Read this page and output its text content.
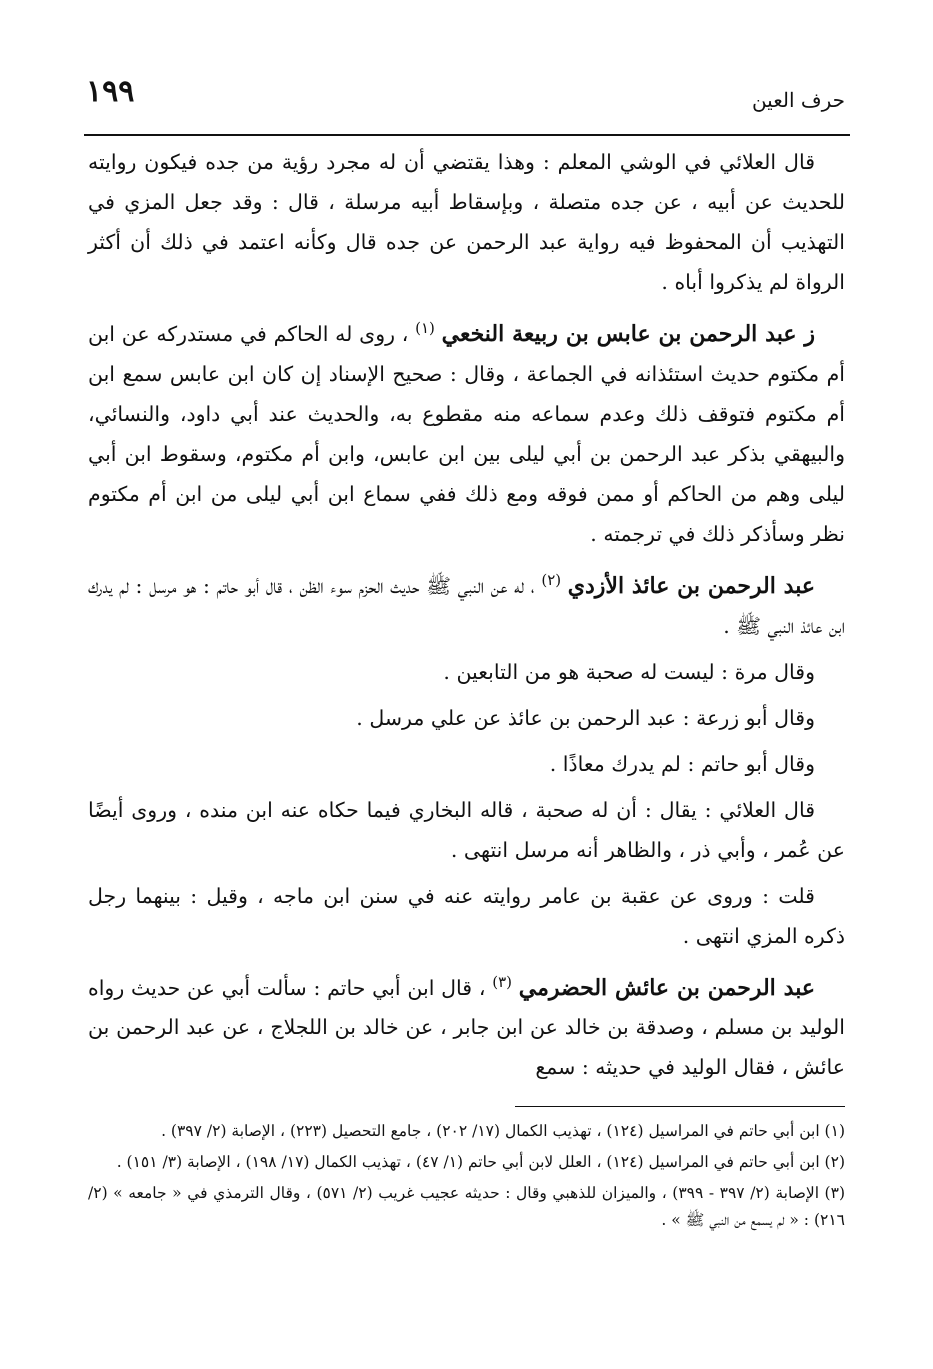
١٩٩	حرف العين

قال العلائي في الوشي المعلم : وهذا يقتضي أن له مجرد رؤية من جده فيكون روايته للحديث عن أبيه ، عن جده متصلة ، وبإسقاط أبيه مرسلة ، قال : وقد جعل المزي في التهذيب أن المحفوظ فيه رواية عبد الرحمن عن جده قال وكأنه اعتمد في ذلك أن أكثر الرواة لم يذكروا أباه .

ز عبد الرحمن بن عابس بن ربيعة النخعي $^{(١)}$ ، روى له الحاكم في مستدركه عن ابن أم مكتوم حديث استئذانه في الجماعة ، وقال : صحيح الإسناد إن كان ابن عابس سمع ابن أم مكتوم فتوقف ذلك وعدم سماعه منه مقطوع به، والحديث عند أبي داود، والنسائي، والبيهقي بذكر عبد الرحمن بن أبي ليلى بين ابن عابس، وابن أم مكتوم، وسقوط ابن أبي ليلى وهم من الحاكم أو ممن فوقه ومع ذلك ففي سماع ابن أبي ليلى من ابن أم مكتوم نظر وسأذكر ذلك في ترجمته .

عبد الرحمن بن عائذ الأزدي $^{(٢)}$ ، له عن النبي ﷺ حديث الحزم سوء الظن ، قال أبو حاتم : هو مرسل : لم يدرك ابن عائذ النبي ﷺ .

وقال مرة : ليست له صحبة هو من التابعين .

وقال أبو زرعة : عبد الرحمن بن عائذ عن علي مرسل .

وقال أبو حاتم : لم يدرك معاذًا .

قال العلائي : يقال : أن له صحبة ، قاله البخاري فيما حكاه عنه ابن منده ، وروى أيضًا عن عُمر ، وأبي ذر ، والظاهر أنه مرسل انتهى .

قلت : وروى عن عقبة بن عامر روايته عنه في سنن ابن ماجه ، وقيل : بينهما رجل ذكره المزي انتهى .

عبد الرحمن بن عائش الحضرمي $^{(٣)}$ ، قال ابن أبي حاتم : سألت أبي عن حديث رواه الوليد بن مسلم ، وصدقة بن خالد عن ابن جابر ، عن خالد بن اللجلاج ، عن عبد الرحمن بن عائش ، فقال الوليد في حديثه : سمع

(١) ابن أبي حاتم في المراسيل (١٢٤) ، تهذيب الكمال (١٧/ ٢٠٢) ، جامع التحصيل (٢٢٣) ، الإصابة (٢/ ٣٩٧) .

(٢) ابن أبي حاتم في المراسيل (١٢٤) ، العلل لابن أبي حاتم (١/ ٤٧) ، تهذيب الكمال (١٧/ ١٩٨) ، الإصابة (٣/ ١٥١) .

(٣) الإصابة (٢/ ٣٩٧ - ٣٩٩) ، والميزان للذهبي وقال : حديثه عجيب غريب (٢/ ٥٧١) ، وقال الترمذي في « جامعه » (٢/ ٢١٦) : « لم يسمع من النبي ﷺ » .
